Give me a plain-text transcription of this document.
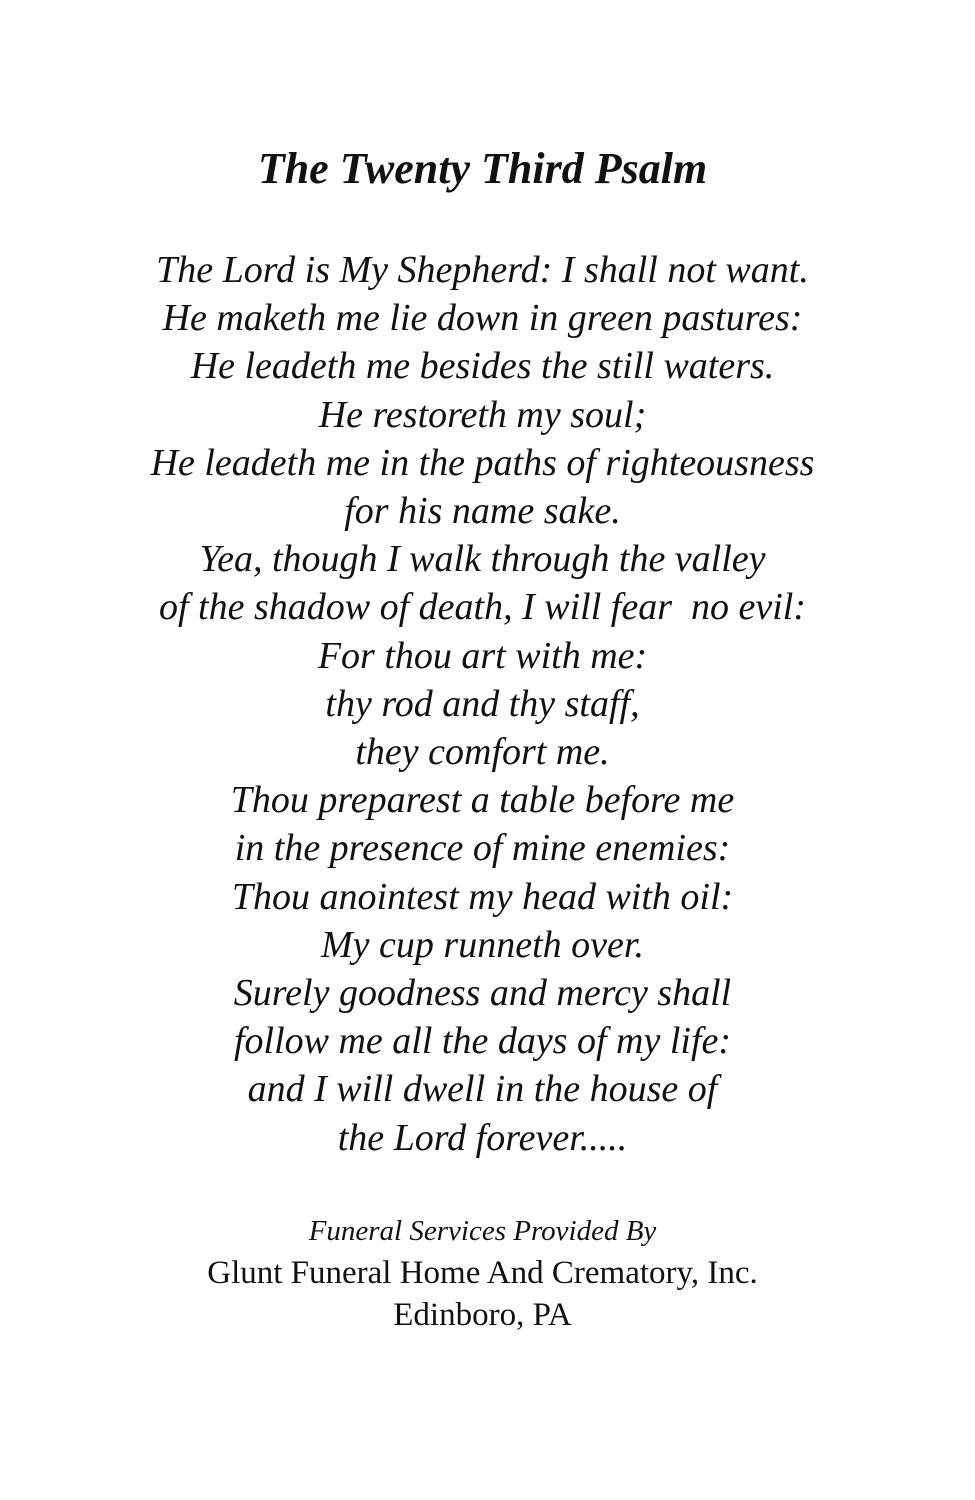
The Twenty Third Psalm
The Lord is My Shepherd: I shall not want.
He maketh me lie down in green pastures:
He leadeth me besides the still waters.
He restoreth my soul;
He leadeth me in the paths of righteousness
for his name sake.
Yea, though I walk through the valley
of the shadow of death, I will fear  no evil:
For thou art with me:
thy rod and thy staff,
they comfort me.
Thou preparest a table before me
in the presence of mine enemies:
Thou anointest my head with oil:
My cup runneth over.
Surely goodness and mercy shall
follow me all the days of my life:
and I will dwell in the house of
the Lord forever.....
Funeral Services Provided By
Glunt Funeral Home And Crematory, Inc.
Edinboro, PA
